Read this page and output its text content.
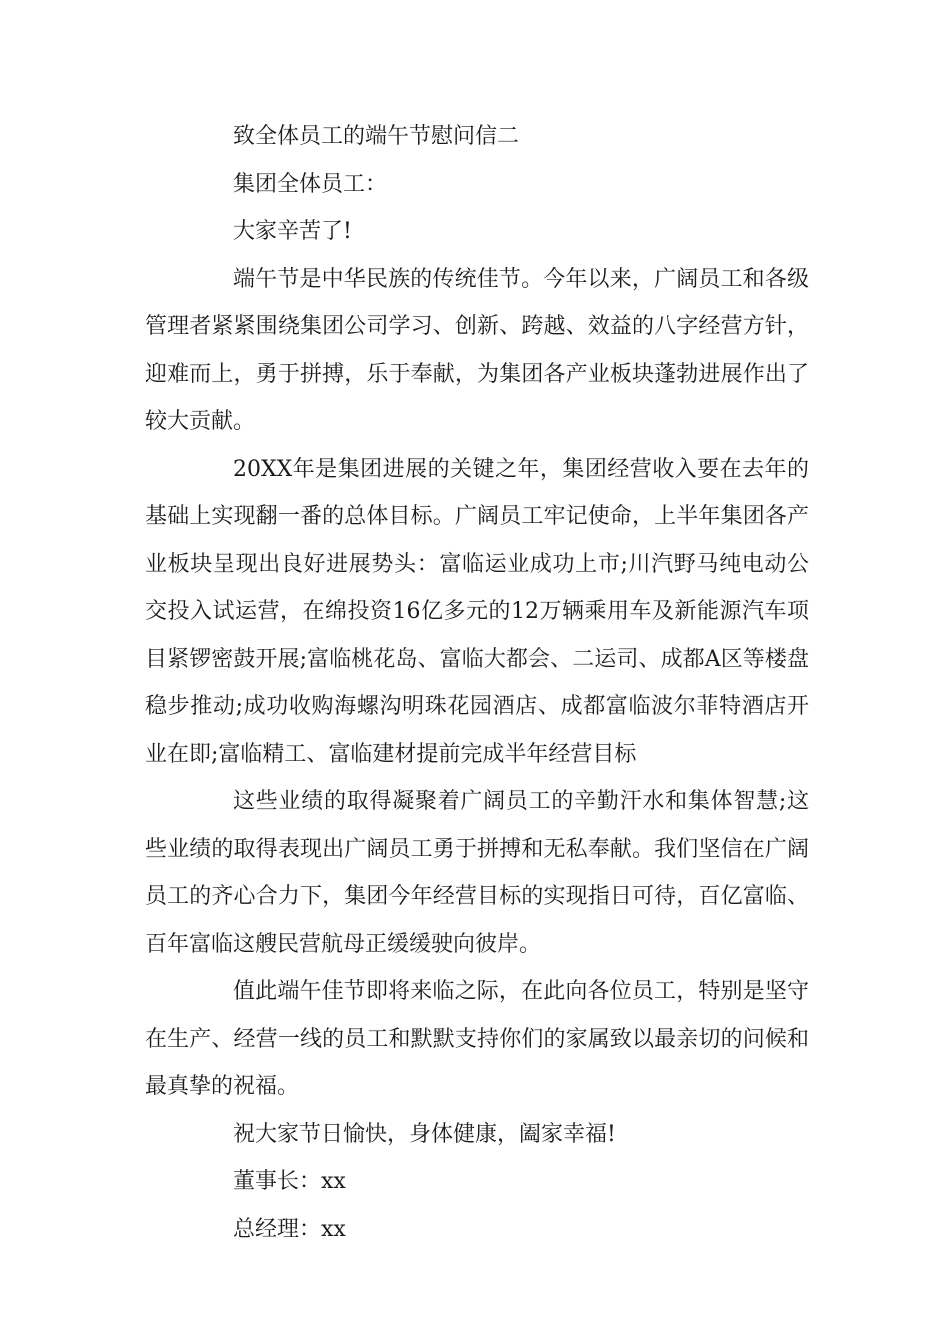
致全体员工的端午节慰问信二

集团全体员工：

大家辛苦了!

端午节是中华民族的传统佳节。今年以来，广阔员工和各级管理者紧紧围绕集团公司学习、创新、跨越、效益的八字经营方针，迎难而上，勇于拼搏，乐于奉献，为集团各产业板块蓬勃进展作出了较大贡献。

20XX年是集团进展的关键之年，集团经营收入要在去年的基础上实现翻一番的总体目标。广阔员工牢记使命，上半年集团各产业板块呈现出良好进展势头：富临运业成功上市;川汽野马纯电动公交投入试运营，在绵投资16亿多元的12万辆乘用车及新能源汽车项目紧锣密鼓开展;富临桃花岛、富临大都会、二运司、成都A区等楼盘稳步推动;成功收购海螺沟明珠花园酒店、成都富临波尔菲特酒店开业在即;富临精工、富临建材提前完成半年经营目标

这些业绩的取得凝聚着广阔员工的辛勤汗水和集体智慧;这些业绩的取得表现出广阔员工勇于拼搏和无私奉献。我们坚信在广阔员工的齐心合力下，集团今年经营目标的实现指日可待，百亿富临、百年富临这艘民营航母正缓缓驶向彼岸。

值此端午佳节即将来临之际，在此向各位员工，特别是坚守在生产、经营一线的员工和默默支持你们的家属致以最亲切的问候和最真挚的祝福。

祝大家节日愉快，身体健康，阖家幸福!

董事长：xx

总经理：xx
